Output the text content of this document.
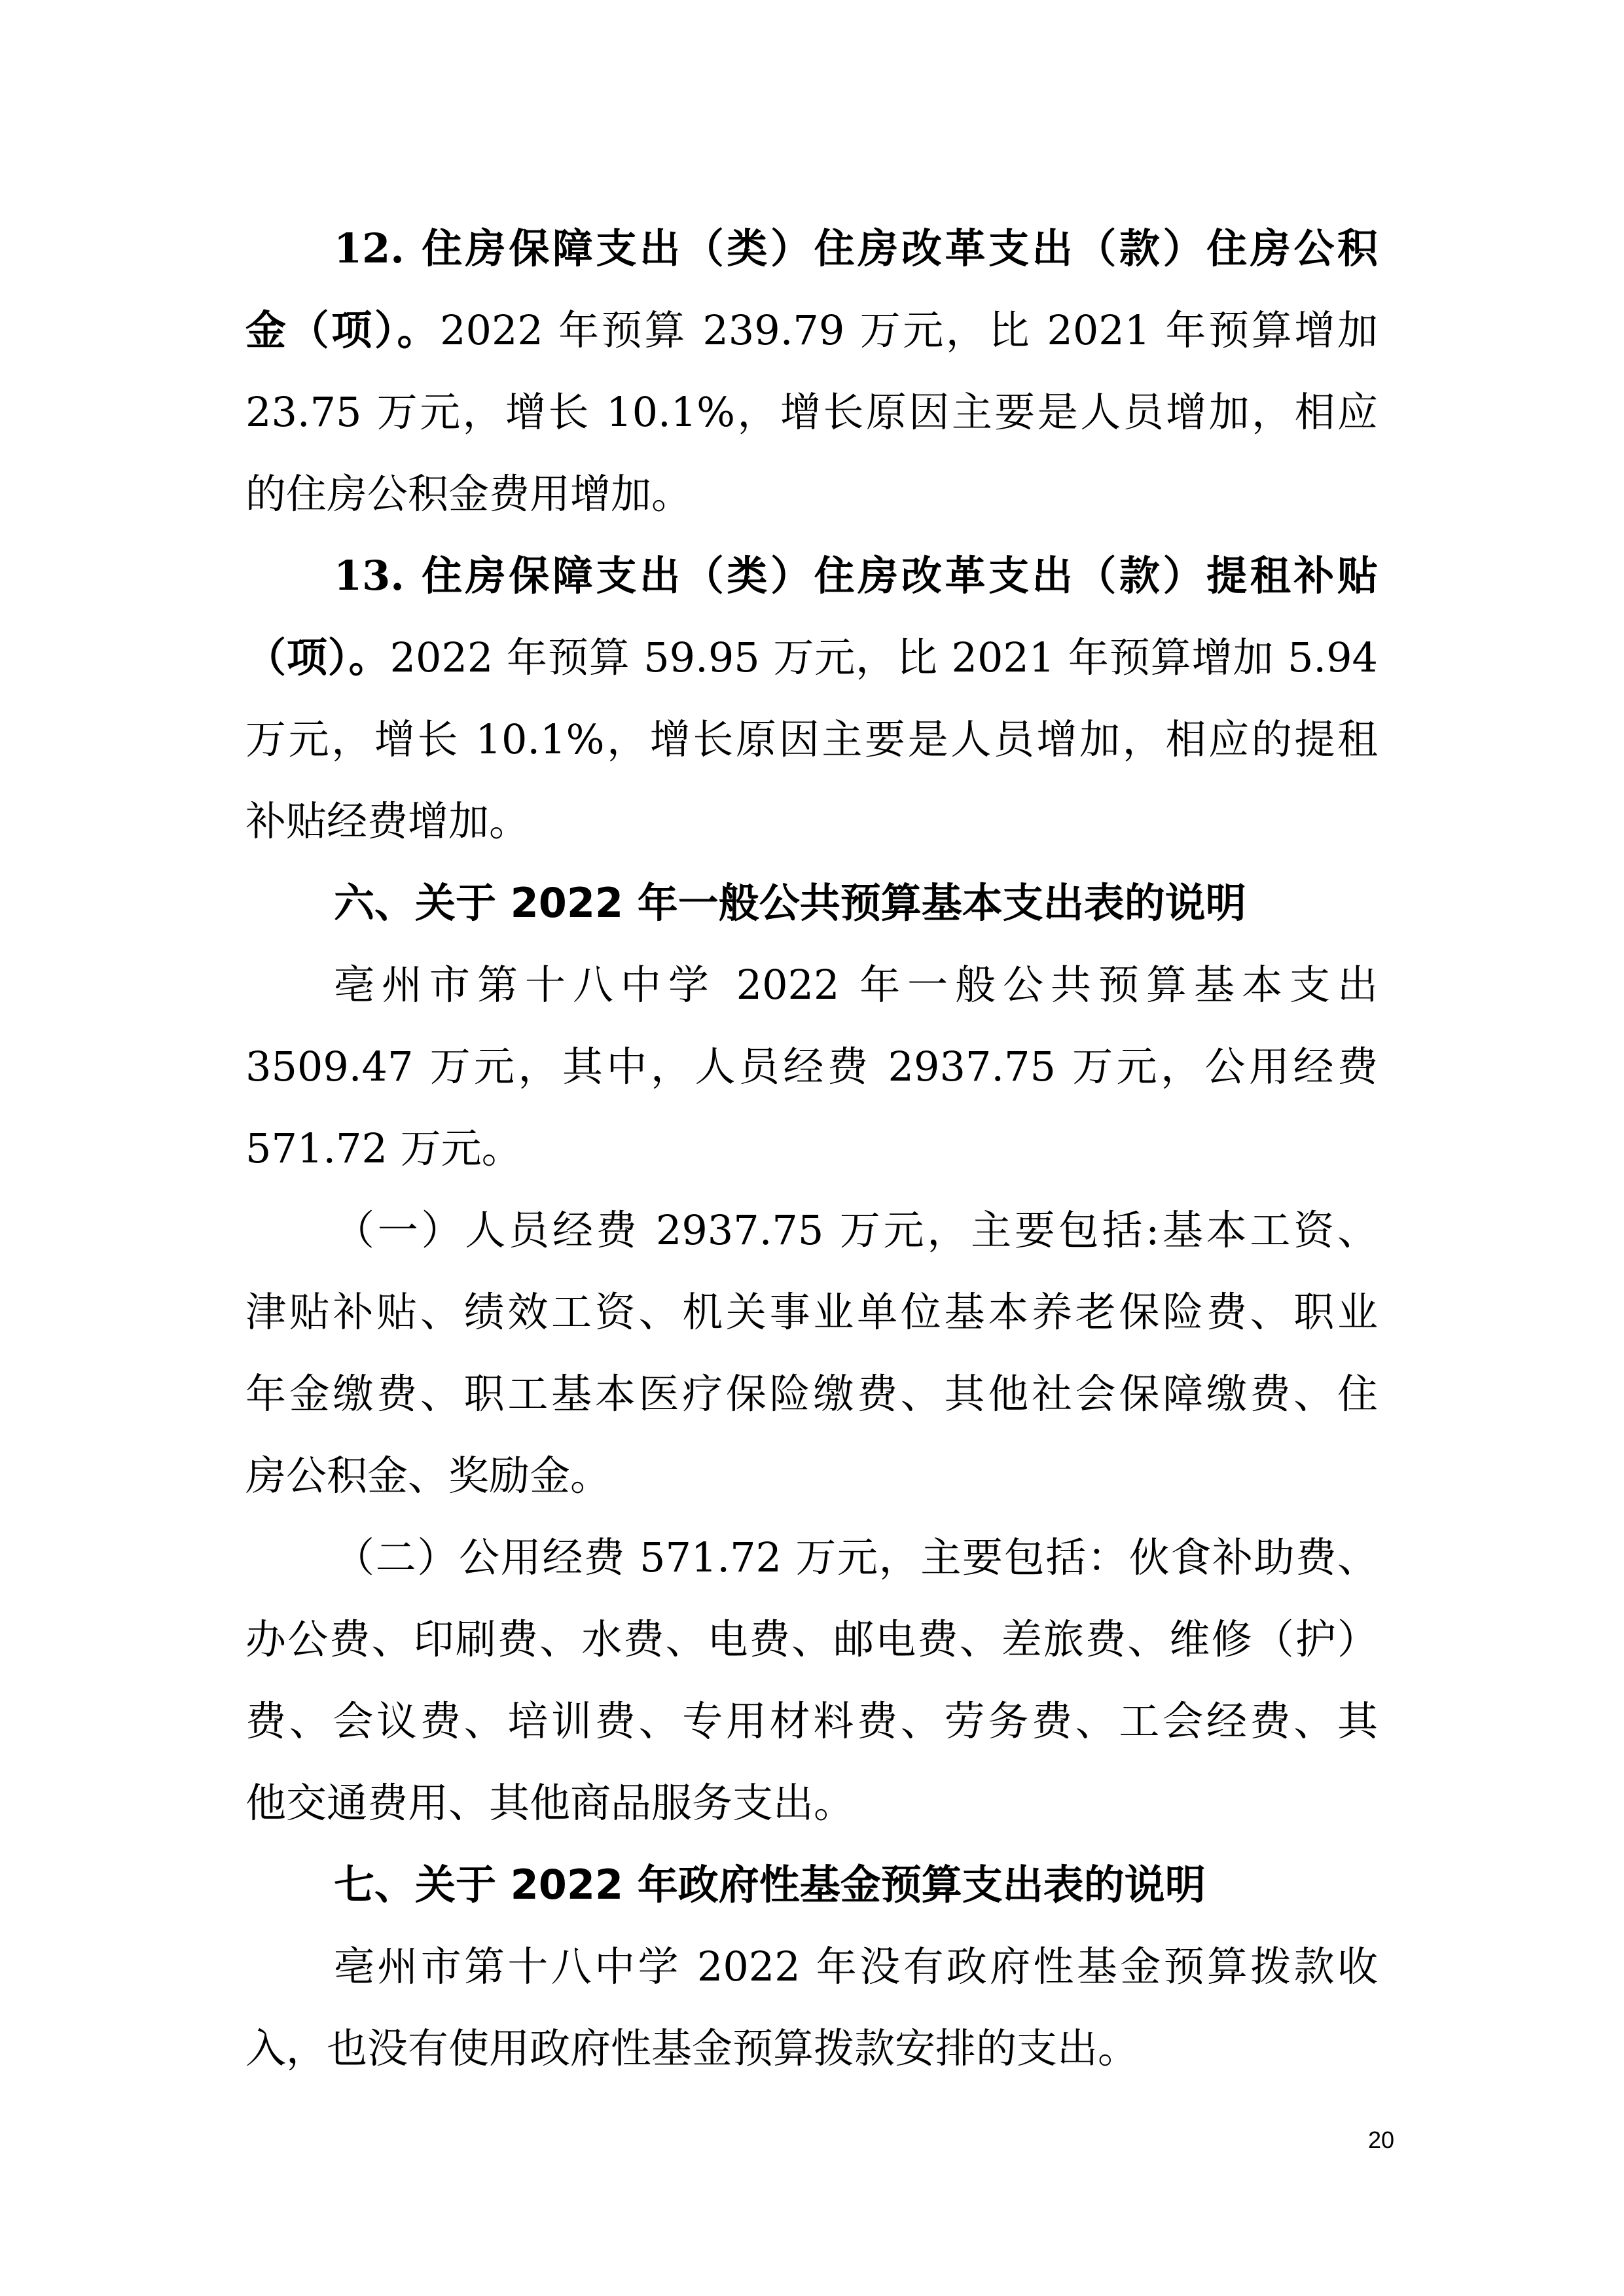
12. 住房保障支出（类）住房改革支出（款）住房公积
金（项）。2022 年预算 239.79 万元，比 2021 年预算增加
23.75 万元，增长 10.1%，增长原因主要是人员增加，相应
的住房公积金费用增加。
13. 住房保障支出（类）住房改革支出（款）提租补贴
（项）。2022 年预算 59.95 万元，比 2021 年预算增加 5.94
万元，增长 10.1%，增长原因主要是人员增加，相应的提租
补贴经费增加。
六、关于 2022 年一般公共预算基本支出表的说明
亳州市第十八中学 2022 年一般公共预算基本支出
3509.47 万元，其中，人员经费 2937.75 万元，公用经费
571.72 万元。
（一）人员经费 2937.75 万元，主要包括:基本工资、
津贴补贴、绩效工资、机关事业单位基本养老保险费、职业
年金缴费、职工基本医疗保险缴费、其他社会保障缴费、住
房公积金、奖励金。
（二）公用经费 571.72 万元，主要包括：伙食补助费、
办公费、印刷费、水费、电费、邮电费、差旅费、维修（护）
费、会议费、培训费、专用材料费、劳务费、工会经费、其
他交通费用、其他商品服务支出。
七、关于 2022 年政府性基金预算支出表的说明
亳州市第十八中学 2022 年没有政府性基金预算拨款收
入，也没有使用政府性基金预算拨款安排的支出。
20
